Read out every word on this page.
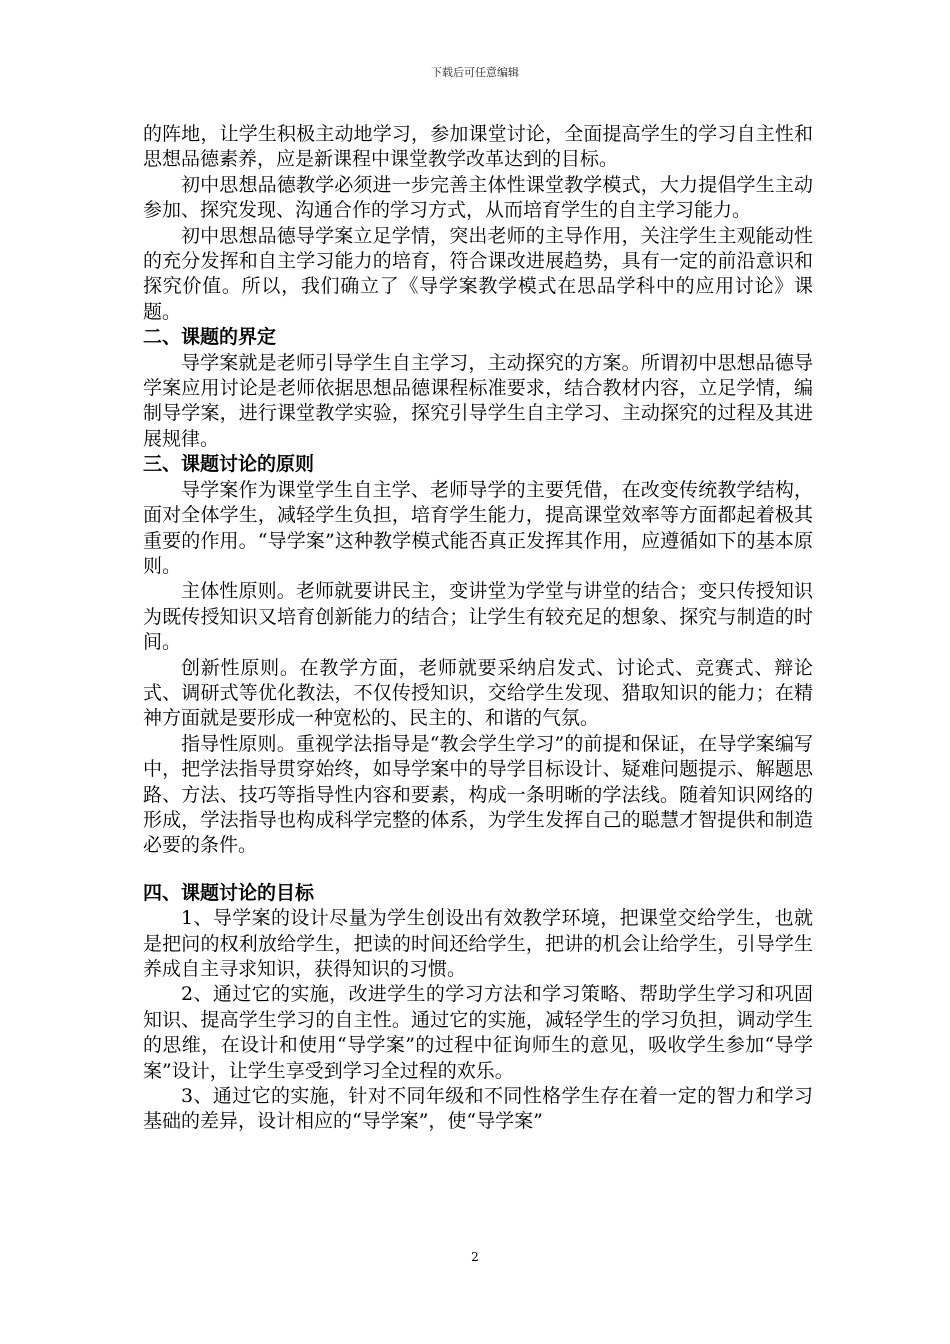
下载后可任意编辑

的阵地，让学生积极主动地学习，参加课堂讨论，全面提高学生的学习自主性和思想品德素养，应是新课程中课堂教学改革达到的目标。

初中思想品德教学必须进一步完善主体性课堂教学模式，大力提倡学生主动参加、探究发现、沟通合作的学习方式，从而培育学生的自主学习能力。

初中思想品德导学案立足学情，突出老师的主导作用，关注学生主观能动性的充分发挥和自主学习能力的培育，符合课改进展趋势，具有一定的前沿意识和探究价值。所以，我们确立了《导学案教学模式在思品学科中的应用讨论》课题。

二、课题的界定

导学案就是老师引导学生自主学习，主动探究的方案。所谓初中思想品德导学案应用讨论是老师依据思想品德课程标准要求，结合教材内容，立足学情，编制导学案，进行课堂教学实验，探究引导学生自主学习、主动探究的过程及其进展规律。

三、课题讨论的原则

导学案作为课堂学生自主学、老师导学的主要凭借，在改变传统教学结构，面对全体学生，减轻学生负担，培育学生能力，提高课堂效率等方面都起着极其重要的作用。“导学案”这种教学模式能否真正发挥其作用，应遵循如下的基本原则。

主体性原则。老师就要讲民主，变讲堂为学堂与讲堂的结合；变只传授知识为既传授知识又培育创新能力的结合；让学生有较充足的想象、探究与制造的时间。

创新性原则。在教学方面，老师就要采纳启发式、讨论式、竞赛式、辩论式、调研式等优化教法，不仅传授知识，交给学生发现、猎取知识的能力；在精神方面就是要形成一种宽松的、民主的、和谐的气氛。

指导性原则。重视学法指导是“教会学生学习”的前提和保证，在导学案编写中，把学法指导贯穿始终，如导学案中的导学目标设计、疑难问题提示、解题思路、方法、技巧等指导性内容和要素，构成一条明晰的学法线。随着知识网络的形成，学法指导也构成科学完整的体系，为学生发挥自己的聪慧才智提供和制造必要的条件。

四、课题讨论的目标

1、导学案的设计尽量为学生创设出有效教学环境，把课堂交给学生，也就是把问的权利放给学生，把读的时间还给学生，把讲的机会让给学生，引导学生养成自主寻求知识，获得知识的习惯。

2、通过它的实施，改进学生的学习方法和学习策略、帮助学生学习和巩固知识、提高学生学习的自主性。通过它的实施，减轻学生的学习负担，调动学生的思维，在设计和使用“导学案”的过程中征询师生的意见，吸收学生参加“导学案”设计，让学生享受到学习全过程的欢乐。

3、通过它的实施，针对不同年级和不同性格学生存在着一定的智力和学习基础的差异，设计相应的“导学案”，使“导学案”

2
